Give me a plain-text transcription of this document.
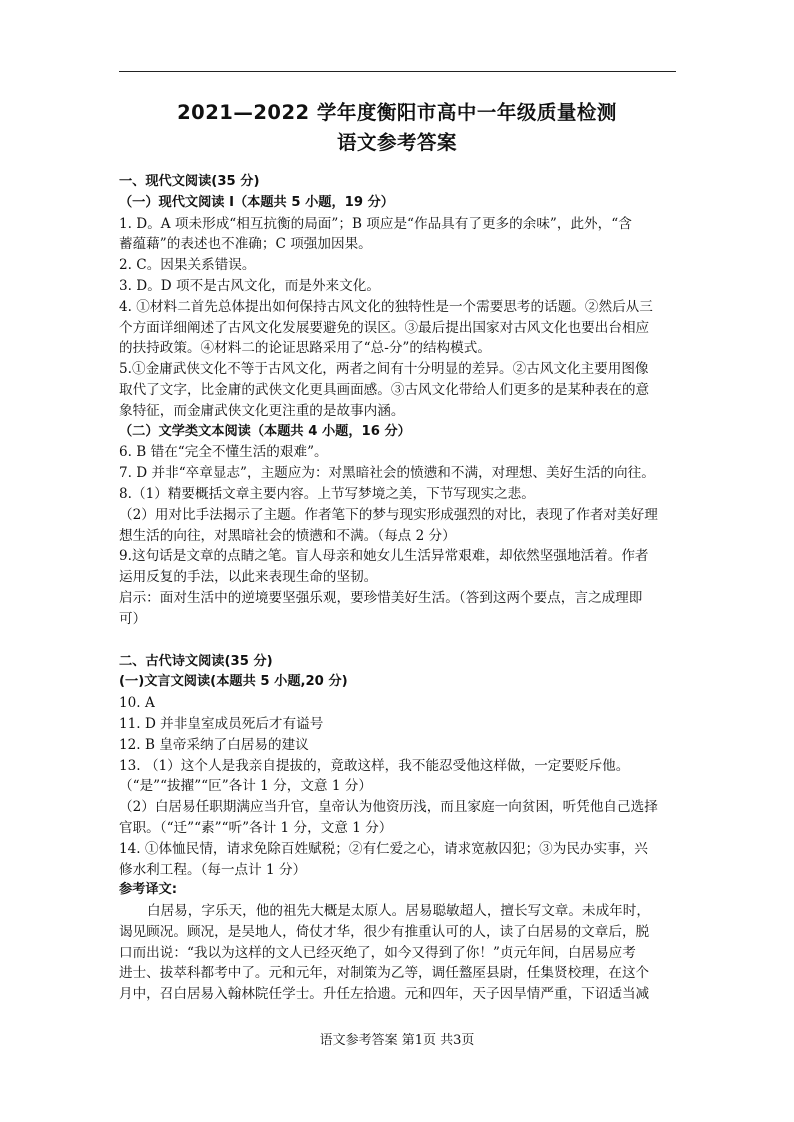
2021—2022 学年度衡阳市高中一年级质量检测
语文参考答案
一、现代文阅读(35 分)
（一）现代文阅读 I（本题共 5 小题，19 分）
1. D。A 项未形成“相互抗衡的局面”；B 项应是“作品具有了更多的余味”，此外，“含
蓄蕴藉”的表述也不准确；C 项强加因果。
2. C。因果关系错误。
3. D。D 项不是古风文化，而是外来文化。
4. ①材料二首先总体提出如何保持古风文化的独特性是一个需要思考的话题。②然后从三
个方面详细阐述了古风文化发展要避免的误区。③最后提出国家对古风文化也要出台相应
的扶持政策。④材料二的论证思路采用了“总-分”的结构模式。
5.①金庸武侠文化不等于古风文化，两者之间有十分明显的差异。②古风文化主要用图像
取代了文字，比金庸的武侠文化更具画面感。③古风文化带给人们更多的是某种表在的意
象特征，而金庸武侠文化更注重的是故事内涵。
（二）文学类文本阅读（本题共 4 小题，16 分）
6. B 错在“完全不懂生活的艰难”。
7. D 并非“卒章显志”，主题应为：对黑暗社会的愤懑和不满，对理想、美好生活的向往。
8.（1）精要概括文章主要内容。上节写梦境之美，下节写现实之悲。
（2）用对比手法揭示了主题。作者笔下的梦与现实形成强烈的对比，表现了作者对美好理
想生活的向往，对黑暗社会的愤懑和不满。（每点 2 分）
9.这句话是文章的点睛之笔。盲人母亲和她女儿生活异常艰难，却依然坚强地活着。作者
运用反复的手法，以此来表现生命的坚韧。
启示：面对生活中的逆境要坚强乐观，要珍惜美好生活。（答到这两个要点，言之成理即
可）
二、古代诗文阅读(35 分)
(一)文言文阅读(本题共 5 小题,20 分)
10. A
11. D 并非皇室成员死后才有谥号
12. B 皇帝采纳了白居易的建议
13. （1）这个人是我亲自提拔的，竟敢这样，我不能忍受他这样做，一定要贬斥他。
（“是”“拔擢”“叵”各计 1 分，文意 1 分）
（2）白居易任职期满应当升官，皇帝认为他资历浅，而且家庭一向贫困，听凭他自己选择
官职。（“迁”“素”“听”各计 1 分，文意 1 分）
14. ①体恤民情，请求免除百姓赋税；②有仁爱之心，请求宽赦囚犯；③为民办实事，兴
修水利工程。（每一点计 1 分）
参考译文:
白居易，字乐天，他的祖先大概是太原人。居易聪敏超人，擅长写文章。未成年时，
谒见顾况。顾况，是吴地人，倚仗才华，很少有推重认可的人，读了白居易的文章后，脱
口而出说：“我以为这样的文人已经灭绝了，如今又得到了你！”贞元年间，白居易应考
进士、拔萃科都考中了。元和元年，对制策为乙等，调任盩厔县尉，任集贤校理，在这个
月中，召白居易入翰林院任学士。升任左拾遗。元和四年，天子因旱情严重，下诏适当减
语文参考答案 第1页 共3页
